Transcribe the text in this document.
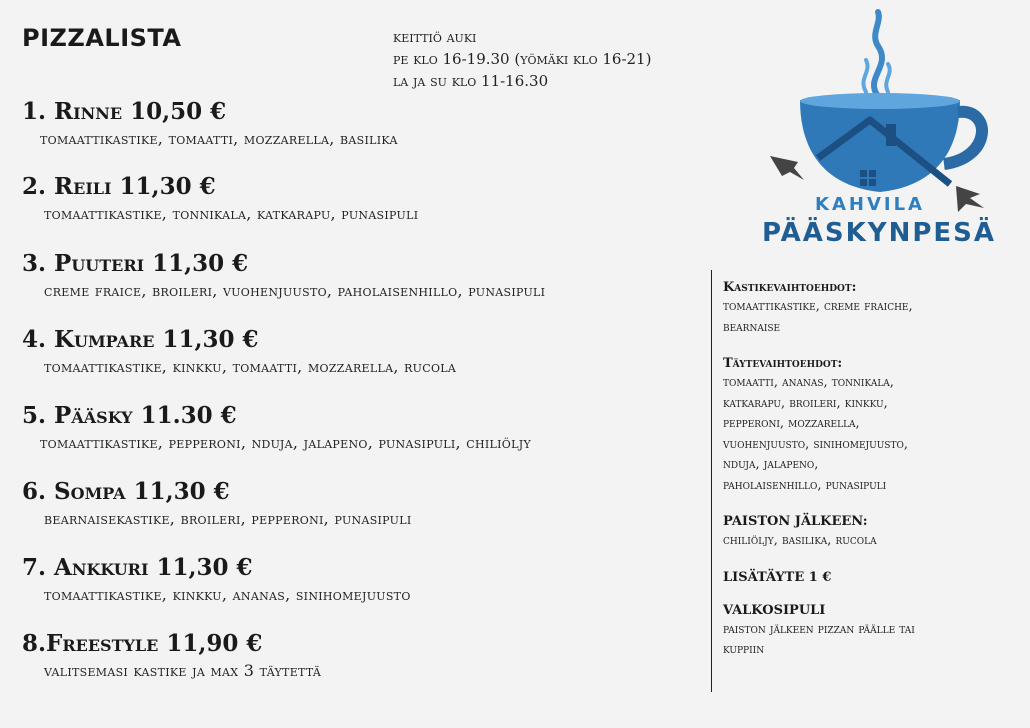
PIZZALISTA	keittiö auki
pe klo 16-19.30 (yömäki klo 16-21)
la ja su klo 11-16.30
1. Rinne 10,50 €
tomaattikastike, tomaatti, mozzarella, basilika
2. Reili 11,30 €
tomaattikastike, tonnikala, katkarapu, punasipuli
3. Puuteri 11,30 €
creme fraice, broileri, vuohenjuusto, paholaisenhillo, punasipuli
4. Kumpare 11,30 €
tomaattikastike, kinkku, tomaatti, mozzarella, rucola
5. Pääsky 11.30 €
tomaattikastike, pepperoni, nduja, jalapeno, punasipuli, chiliöljy
6. Sompa 11,30 €
bearnaisekastike, broileri, pepperoni, punasipuli
7. Ankkuri 11,30 €
tomaattikastike, kinkku, ananas, sinihomejuusto
8.Freestyle 11,90 €
valitsemasi kastike ja max 3 täytettä
KAHVILA
PÄÄSKYNPESÄ
Kastikevaihtoehdot:
tomaattikastike, creme fraiche,
bearnaise
Täytevaihtoehdot:
tomaatti, ananas, tonnikala,
katkarapu, broileri, kinkku,
pepperoni, mozzarella,
vuohenjuusto, sinihomejuusto,
nduja, jalapeno,
paholaisenhillo, punasipuli
PAISTON JÄLKEEN:
chiliöljy, basilika, rucola
LISÄTÄYTE 1 €
VALKOSIPULI
paiston jälkeen pizzan päälle tai
kuppiin
